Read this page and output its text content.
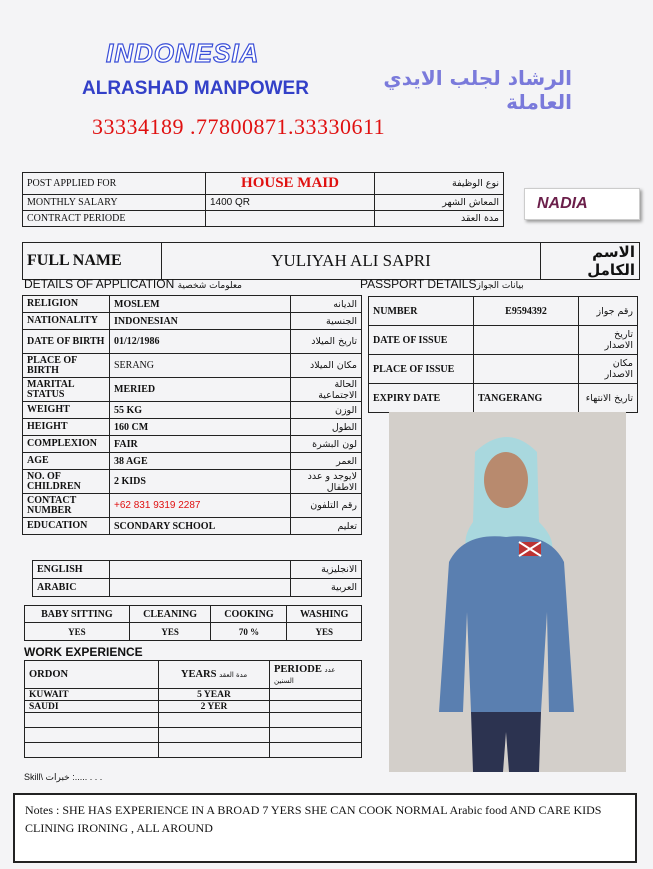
INDONESIA
ALRASHAD MANPOWER	الرشاد لجلب الايدي العاملة
33334189 .77800871.33330611
POST APPLIED FOR	HOUSE MAID	نوع الوظيفة
MONTHLY SALARY	1400 QR	المعاش الشهر
CONTRACT PERIODE		مدة العقد
NADIA
FULL NAME	YULIYAH ALI SAPRI	الاسم الكامل
DETAILS OF APPLICATION معلومات شخصية	PASSPORT DETAILSبيانات الجواز
RELIGION	MOSLEM	الديانه
NATIONALITY	INDONESIAN	الجنسية
DATE OF BIRTH	01/12/1986	تاريخ الميلاد
PLACE OF BIRTH	SERANG	مكان الميلاد
MARITAL STATUS	MERIED	الحالة الاجتماعية
WEIGHT	55 KG	الوزن
HEIGHT	160 CM	الطول
COMPLEXION	FAIR	لون البشرة
AGE	38 AGE	العمر
NO. OF CHILDREN	2 KIDS	لايوجد و عدد الاطفال
CONTACT NUMBER	+62 831 9319 2287	رقم التلفون
EDUCATION	SCONDARY SCHOOL	تعليم
ENGLISH		الانجليزية
ARABIC		العربية
NUMBER	E9594392	رقم جواز
DATE OF ISSUE		تاريخ الاصدار
PLACE OF ISSUE		مكان الاصدار
EXPIRY DATE	TANGERANG	تاريخ الانتهاء
BABY SITTING	CLEANING	COOKING	WASHING
YES	YES	70 %	YES
WORK EXPERIENCE
ORDON	YEARS مدة العقد	PERIODE عدد السنين
KUWAIT	5 YEAR	
SAUDI	2 YER	

Skill\ خبرات :..... . . .
Notes : SHE HAS EXPERIENCE IN A BROAD 7 YERS SHE CAN COOK NORMAL Arabic food AND CARE KIDS CLINING IRONING , ALL AROUND
